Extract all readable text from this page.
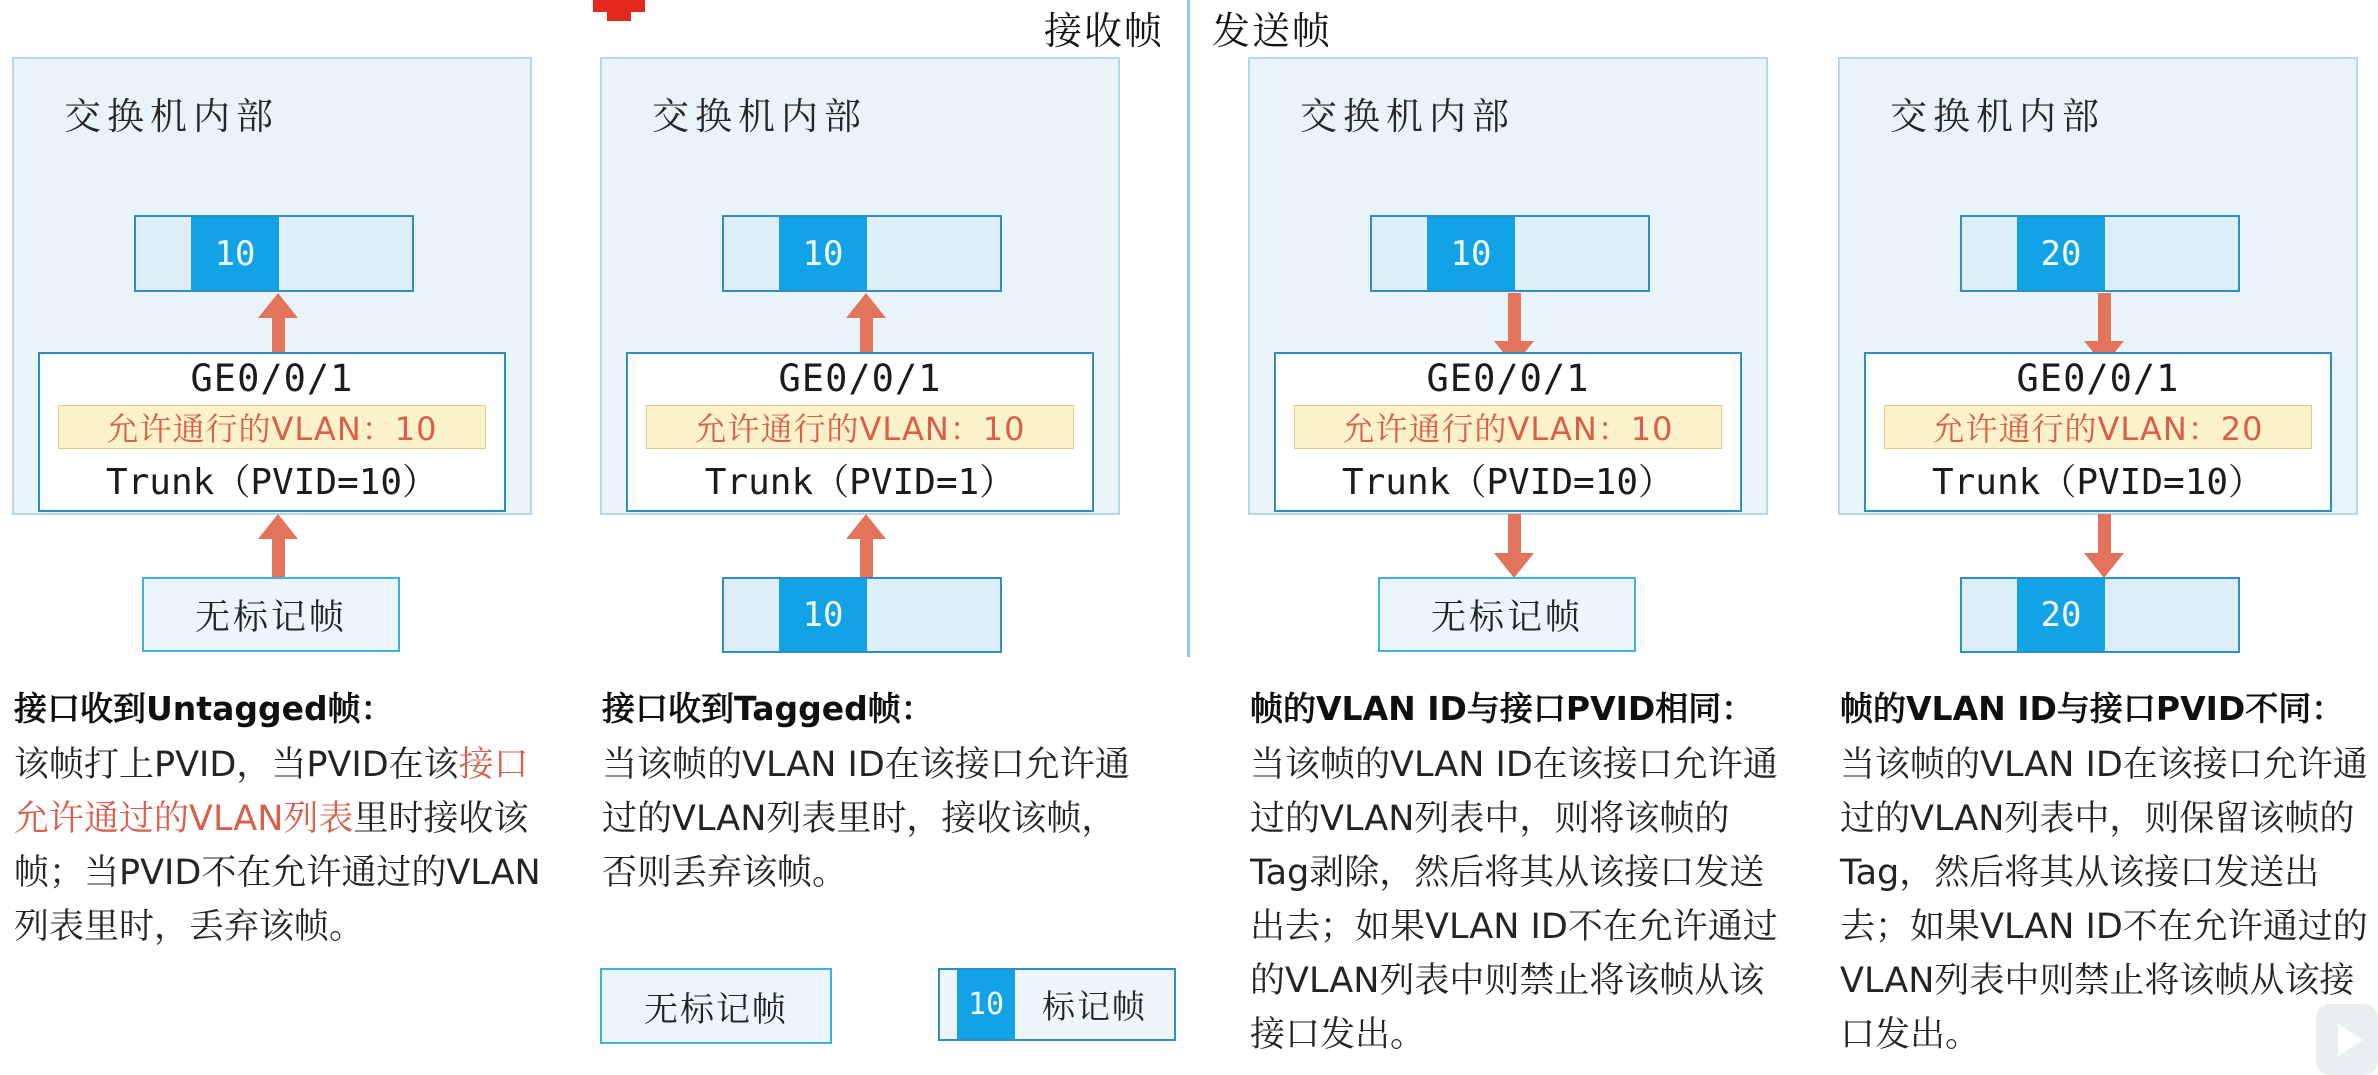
接收帧 发送帧
交换机内部
10
GE0/0/1
允许通行的VLAN：10
Trunk（PVID=10）
无标记帧
接口收到Untagged帧：
该帧打上PVID，当PVID在该接口允许通过的VLAN列表里时接收该帧；当PVID不在允许通过的VLAN列表里时，丢弃该帧。
交换机内部
10
GE0/0/1
允许通行的VLAN：10
Trunk（PVID=1）
10
接口收到Tagged帧：
当该帧的VLAN ID在该接口允许通过的VLAN列表里时，接收该帧，否则丢弃该帧。
交换机内部
10
GE0/0/1
允许通行的VLAN：10
Trunk（PVID=10）
无标记帧
帧的VLAN ID与接口PVID相同：
当该帧的VLAN ID在该接口允许通过的VLAN列表中，则将该帧的Tag剥除，然后将其从该接口发送出去；如果VLAN ID不在允许通过的VLAN列表中则禁止将该帧从该接口发出。
交换机内部
20
GE0/0/1
允许通行的VLAN：20
Trunk（PVID=10）
20
帧的VLAN ID与接口PVID不同：
当该帧的VLAN ID在该接口允许通过的VLAN列表中，则保留该帧的Tag，然后将其从该接口发送出去；如果VLAN ID不在允许通过的VLAN列表中则禁止将该帧从该接口发出。
无标记帧	10	标记帧
